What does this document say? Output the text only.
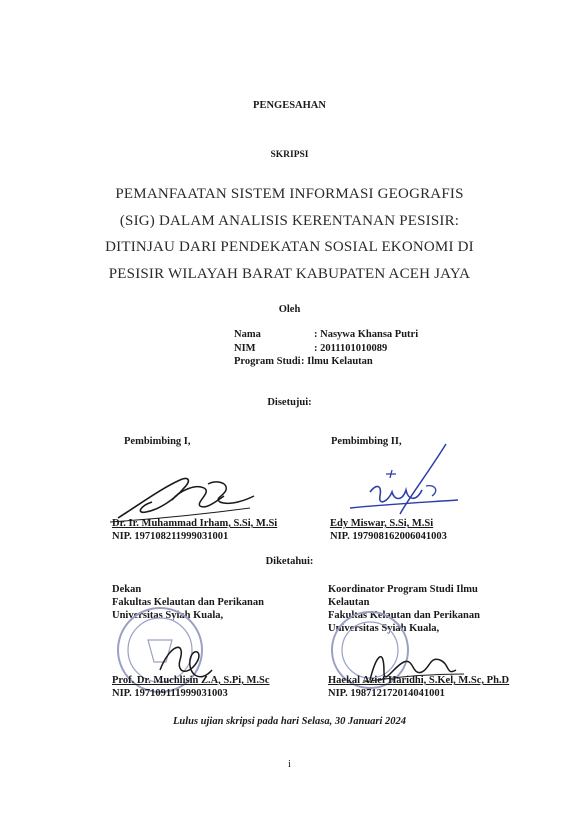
PENGESAHAN
SKRIPSI
PEMANFAATAN SISTEM INFORMASI GEOGRAFIS
(SIG) DALAM ANALISIS KERENTANAN PESISIR:
DITINJAU DARI PENDEKATAN SOSIAL EKONOMI DI
PESISIR WILAYAH BARAT KABUPATEN ACEH JAYA
Oleh
Nama	: Nasywa Khansa Putri
NIM	: 2011101010089
Program Studi : Ilmu Kelautan
Disetujui:
Pembimbing I,
Dr. Ir. Muhammad Irham, S.Si, M.Si
NIP. 197108211999031001
Pembimbing II,
Edy Miswar, S.Si, M.Si
NIP. 197908162006041003
Diketahui:
Dekan
Fakultas Kelautan dan Perikanan
Universitas Syiah Kuala,
Prof. Dr. Muchlisin Z.A, S.Pi, M.Sc
NIP. 197109111999031003
Koordinator Program Studi Ilmu
Kelautan
Fakultas Kelautan dan Perikanan
Universitas Syiah Kuala,
Haekal Azief Haridhi, S.Kel, M.Sc, Ph.D
NIP. 198712172014041001
Lulus ujian skripsi pada hari Selasa, 30 Januari 2024
i
